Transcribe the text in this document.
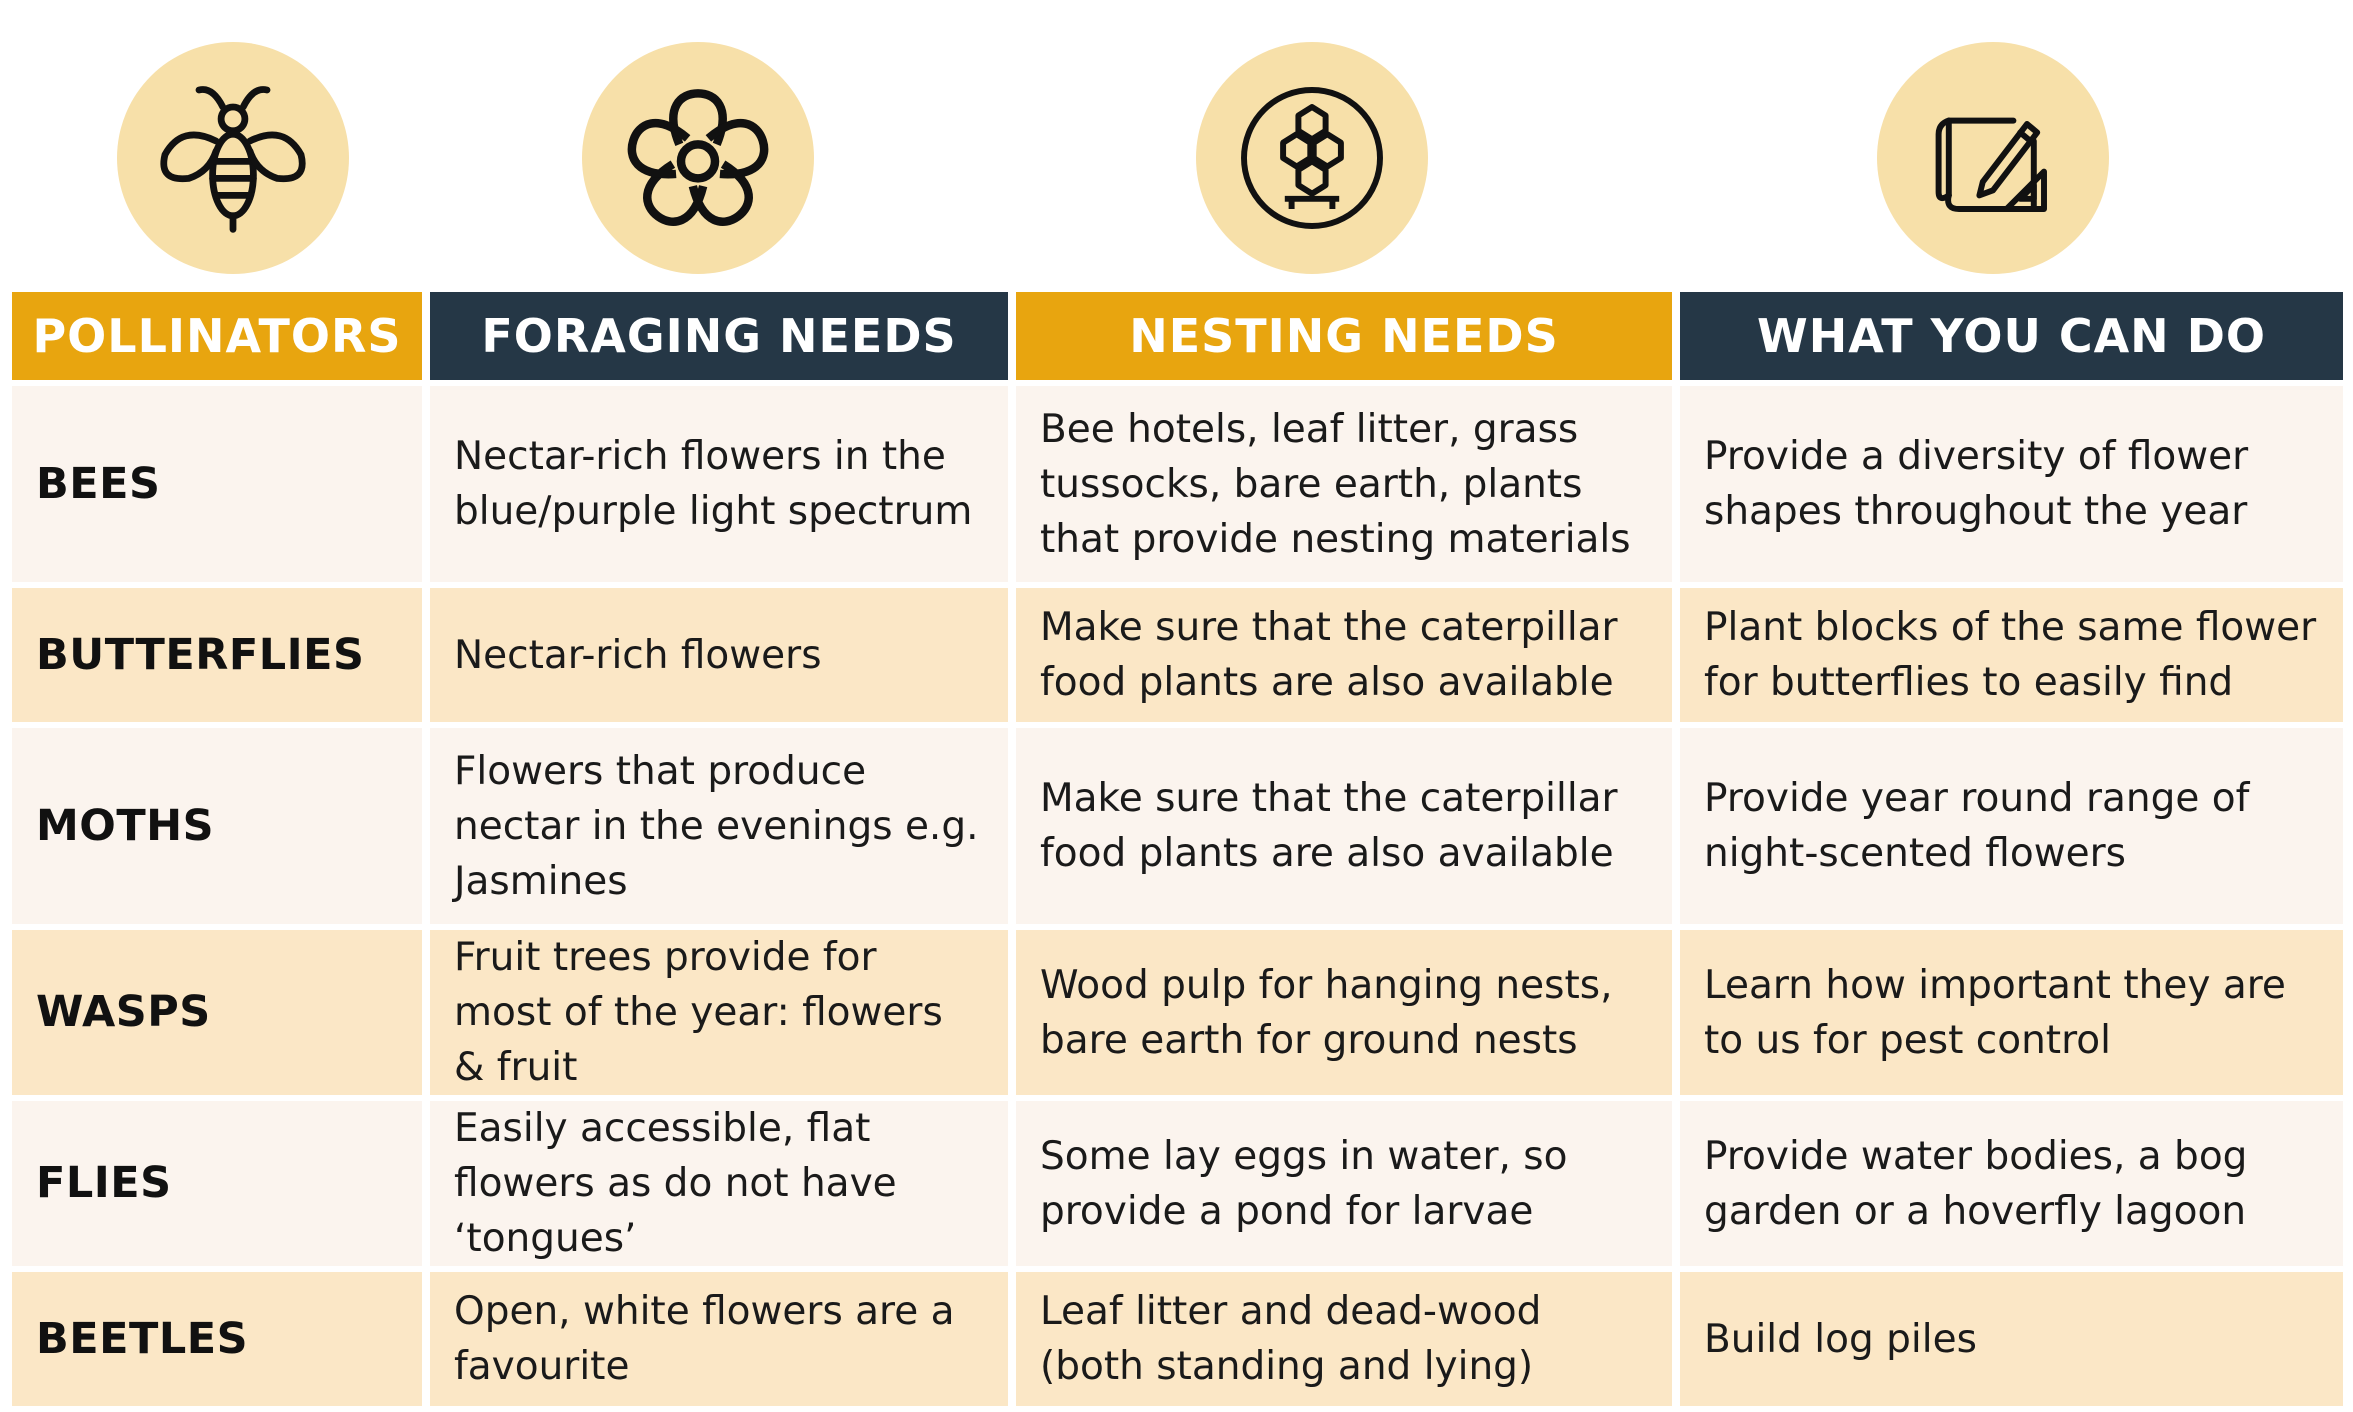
POLLINATORS	FORAGING NEEDS	NESTING NEEDS	WHAT YOU CAN DO
BEES	Nectar-rich flowers in the blue/purple light spectrum	Bee hotels, leaf litter, grass tussocks, bare earth, plants that provide nesting materials	Provide a diversity of flower shapes throughout the year
BUTTERFLIES	Nectar-rich flowers	Make sure that the caterpillar food plants are also available	Plant blocks of the same flower for butterflies to easily find
MOTHS	Flowers that produce nectar in the evenings e.g. Jasmines	Make sure that the caterpillar food plants are also available	Provide year round range of night-scented flowers
WASPS	Fruit trees provide for most of the year: flowers & fruit	Wood pulp for hanging nests, bare earth for ground nests	Learn how important they are to us for pest control
FLIES	Easily accessible, flat flowers as do not have ‘tongues’	Some lay eggs in water, so provide a pond for larvae	Provide water bodies, a bog garden or a hoverfly lagoon
BEETLES	Open, white flowers are a favourite	Leaf litter and dead-wood (both standing and lying)	Build log piles
